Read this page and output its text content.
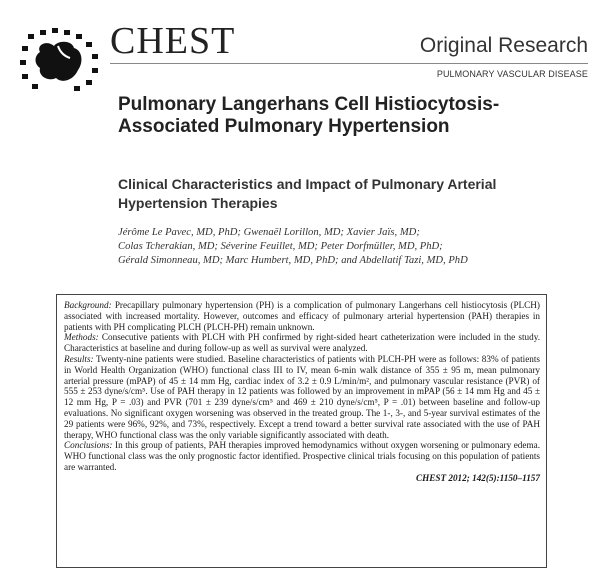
CHEST	Original Research
PULMONARY VASCULAR DISEASE
Pulmonary Langerhans Cell Histiocytosis-Associated Pulmonary Hypertension
Clinical Characteristics and Impact of Pulmonary Arterial Hypertension Therapies
Jérôme Le Pavec, MD, PhD; Gwenaël Lorillon, MD; Xavier Jaïs, MD;
Colas Tcherakian, MD; Séverine Feuillet, MD; Peter Dorfmüller, MD, PhD;
Gérald Simonneau, MD; Marc Humbert, MD, PhD; and Abdellatif Tazi, MD, PhD

Background: Precapillary pulmonary hypertension (PH) is a complication of pulmonary Langerhans cell histiocytosis (PLCH) associated with increased mortality. However, outcomes and efficacy of pulmonary arterial hypertension (PAH) therapies in patients with PH complicating PLCH (PLCH-PH) remain unknown.

Methods: Consecutive patients with PLCH with PH confirmed by right-sided heart catheterization were included in the study. Characteristics at baseline and during follow-up as well as survival were analyzed.

Results: Twenty-nine patients were studied. Baseline characteristics of patients with PLCH-PH were as follows: 83% of patients in World Health Organization (WHO) functional class III to IV, mean 6-min walk distance of 355 ± 95 m, mean pulmonary arterial pressure (mPAP) of 45 ± 14 mm Hg, cardiac index of 3.2 ± 0.9 L/min/m², and pulmonary vascular resistance (PVR) of 555 ± 253 dyne/s/cm⁵. Use of PAH therapy in 12 patients was followed by an improvement in mPAP (56 ± 14 mm Hg and 45 ± 12 mm Hg, P = .03) and PVR (701 ± 239 dyne/s/cm⁵ and 469 ± 210 dyne/s/cm⁵, P = .01) between baseline and follow-up evaluations. No significant oxygen worsening was observed in the treated group. The 1-, 3-, and 5-year survival estimates of the 29 patients were 96%, 92%, and 73%, respectively. Except a trend toward a better survival rate associated with the use of PAH therapy, WHO functional class was the only variable significantly associated with death.

Conclusions: In this group of patients, PAH therapies improved hemodynamics without oxygen worsening or pulmonary edema. WHO functional class was the only prognostic factor identified. Prospective clinical trials focusing on this population of patients are warranted.

CHEST 2012; 142(5):1150–1157
